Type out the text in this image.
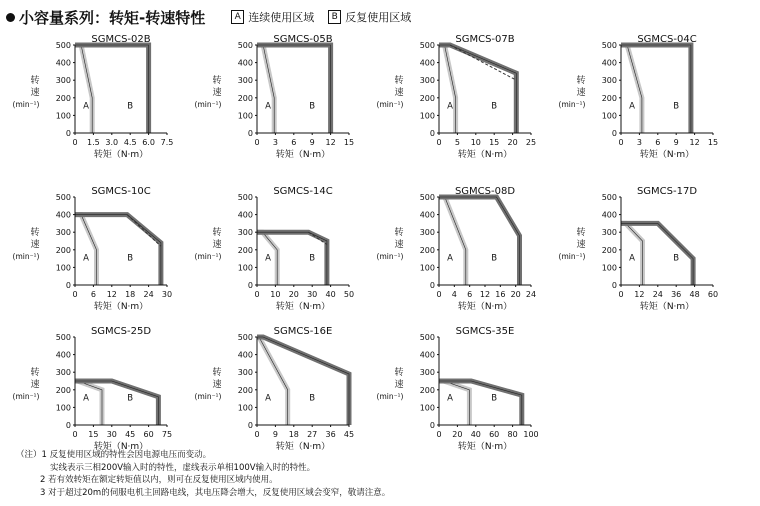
小容量系列：转矩-转速特性	A 连续使用区域	B 反复使用区域
SGMCS-02B
0
100
200
300
400
500
0 1.5 3.0 4.5 6.0 7.5
A	B
转
速
(min⁻¹)
转矩（N·m）
SGMCS-05B
0
100
200
300
400
500
0 3 6 9 12 15
A	B
转
速
(min⁻¹)
转矩（N·m）
SGMCS-07B
0
100
200
300
400
500
0 5 10 15 20 25
A	B
转
速
(min⁻¹)
转矩（N·m）
SGMCS-04C
0
100
200
300
400
500
0 3 6 9 12 15
A	B
转
速
(min⁻¹)
转矩（N·m）
SGMCS-10C
0
100
200
300
400
500
0 6 12 18 24 30
A	B
转
速
(min⁻¹)
转矩（N·m）
SGMCS-14C
0
100
200
300
400
500
0 10 20 30 40 50
A	B
转
速
(min⁻¹)
转矩（N·m）
SGMCS-08D
0
100
200
300
400
500
0 4 6 12 16 20 24
A	B
转
速
(min⁻¹)
转矩（N·m）
SGMCS-17D
0
100
200
300
400
500
0 12 24 36 48 60
A	B
转
速
(min⁻¹)
转矩（N·m）
SGMCS-25D
0
100
200
300
400
500
0 15 30 45 60 75
A	B
转
速
(min⁻¹)
转矩（N·m）
SGMCS-16E
0
100
200
300
400
500
0 9 18 27 36 45
A	B
转
速
(min⁻¹)
转矩（N·m）
SGMCS-35E
0
100
200
300
400
500
0 20 40 60 80 100
A	B
转
速
(min⁻¹)
转矩（N·m）
（注）1 反复使用区域的特性会因电源电压而变动。
实线表示三相200V输入时的特性，虚线表示单相100V输入时的特性。
2 若有效转矩在额定转矩值以内，则可在反复使用区域内使用。
3 对于超过20m的伺服电机主回路电线，其电压降会增大，反复使用区域会变窄，敬请注意。
